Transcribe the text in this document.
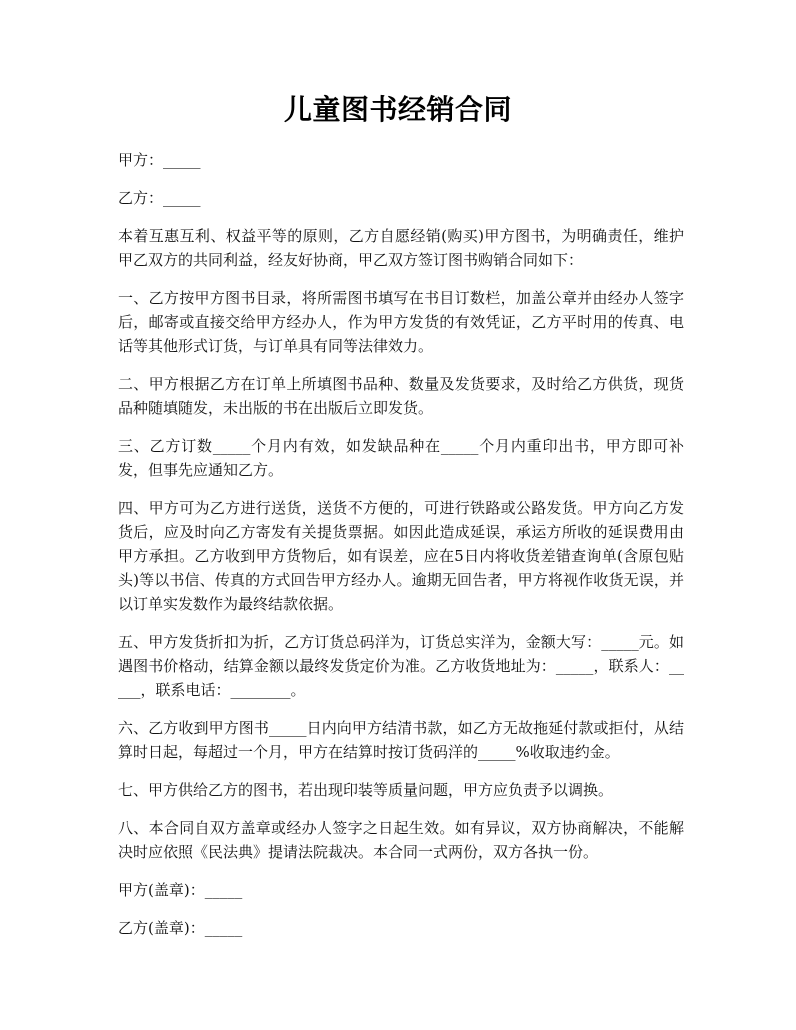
儿童图书经销合同

甲方：_____

乙方：_____

本着互惠互利、权益平等的原则，乙方自愿经销(购买)甲方图书，为明确责任，维护甲乙双方的共同利益，经友好协商，甲乙双方签订图书购销合同如下：

一、乙方按甲方图书目录，将所需图书填写在书目订数栏，加盖公章并由经办人签字后，邮寄或直接交给甲方经办人，作为甲方发货的有效凭证，乙方平时用的传真、电话等其他形式订货，与订单具有同等法律效力。

二、甲方根据乙方在订单上所填图书品种、数量及发货要求，及时给乙方供货，现货品种随填随发，未出版的书在出版后立即发货。

三、乙方订数_____个月内有效，如发缺品种在_____个月内重印出书，甲方即可补发，但事先应通知乙方。

四、甲方可为乙方进行送货，送货不方便的，可进行铁路或公路发货。甲方向乙方发货后，应及时向乙方寄发有关提货票据。如因此造成延误，承运方所收的延误费用由甲方承担。乙方收到甲方货物后，如有误差，应在5日内将收货差错查询单(含原包贴头)等以书信、传真的方式回告甲方经办人。逾期无回告者，甲方将视作收货无误，并以订单实发数作为最终结款依据。

五、甲方发货折扣为折，乙方订货总码洋为，订货总实洋为，金额大写：_____元。如遇图书价格动，结算金额以最终发货定价为准。乙方收货地址为：_____，联系人：_____，联系电话：________。

六、乙方收到甲方图书_____日内向甲方结清书款，如乙方无故拖延付款或拒付，从结算时日起，每超过一个月，甲方在结算时按订货码洋的_____%收取违约金。

七、甲方供给乙方的图书，若出现印装等质量问题，甲方应负责予以调换。

八、本合同自双方盖章或经办人签字之日起生效。如有异议，双方协商解决，不能解决时应依照《民法典》提请法院裁决。本合同一式两份，双方各执一份。

甲方(盖章)：_____

乙方(盖章)：_____
